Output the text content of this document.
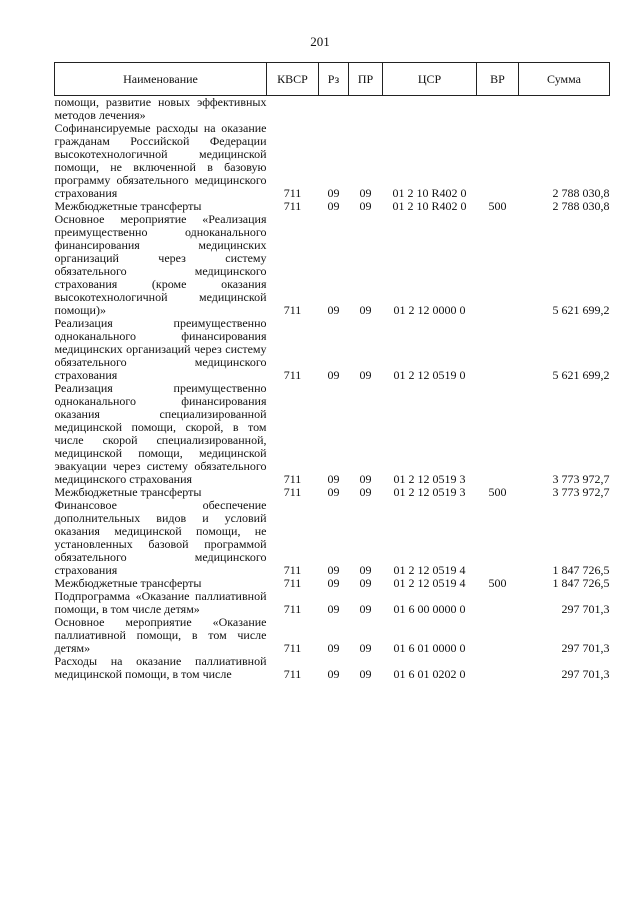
201
Наименование	КВСР	Рз	ПР	ЦСР	ВР	Сумма
помощи, развитие новых эффективных методов лечения»						
Софинансируемые расходы на оказание гражданам Российской Федерации высокотехнологичной медицинской помощи, не включенной в базовую программу обязательного медицинского страхования	711	09	09	01 2 10 R402 0		2 788 030,8
Межбюджетные трансферты	711	09	09	01 2 10 R402 0	500	2 788 030,8
Основное мероприятие «Реализация преимущественно одноканального финансирования медицинских организаций через систему обязательного медицинского страхования (кроме оказания высокотехнологичной медицинской помощи)»	711	09	09	01 2 12 0000 0		5 621 699,2
Реализация преимущественно одноканального финансирования медицинских организаций через систему обязательного медицинского страхования	711	09	09	01 2 12 0519 0		5 621 699,2
Реализация преимущественно одноканального финансирования оказания специализированной медицинской помощи, скорой, в том числе скорой специализированной, медицинской помощи, медицинской эвакуации через систему обязательного медицинского страхования	711	09	09	01 2 12 0519 3		3 773 972,7
Межбюджетные трансферты	711	09	09	01 2 12 0519 3	500	3 773 972,7
Финансовое обеспечение дополнительных видов и условий оказания медицинской помощи, не установленных базовой программой обязательного медицинского страхования	711	09	09	01 2 12 0519 4		1 847 726,5
Межбюджетные трансферты	711	09	09	01 2 12 0519 4	500	1 847 726,5
Подпрограмма «Оказание паллиативной помощи, в том числе детям»	711	09	09	01 6 00 0000 0		297 701,3
Основное мероприятие «Оказание паллиативной помощи, в том числе детям»	711	09	09	01 6 01 0000 0		297 701,3
Расходы на оказание паллиативной медицинской помощи, в том числе	711	09	09	01 6 01 0202 0		297 701,3
